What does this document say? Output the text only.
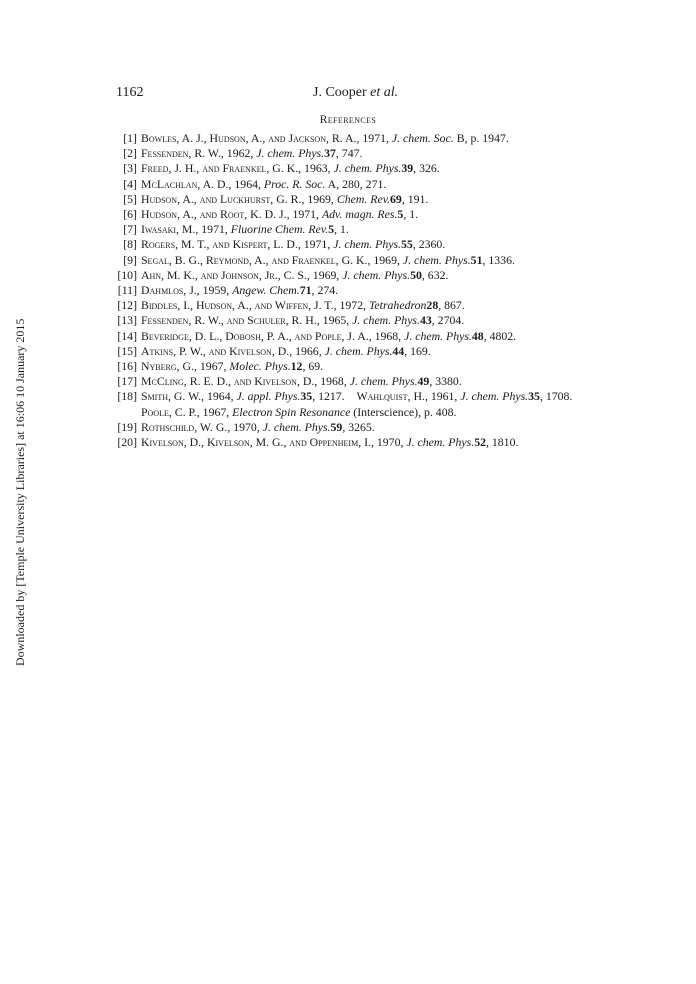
1162	J. Cooper et al.
References
[1] Bowles, A. J., Hudson, A., and Jackson, R. A., 1971, J. chem. Soc. B, p. 1947.
[2] Fessenden, R. W., 1962, J. chem. Phys.37, 747.
[3] Freed, J. H., and Fraenkel, G. K., 1963, J. chem. Phys.39, 326.
[4] McLachlan, A. D., 1964, Proc. R. Soc. A, 280, 271.
[5] Hudson, A., and Luckhurst, G. R., 1969, Chem. Rev.69, 191.
[6] Hudson, A., and Root, K. D. J., 1971, Adv. magn. Res.5, 1.
[7] Iwasaki, M., 1971, Fluorine Chem. Rev.5, 1.
[8] Rogers, M. T., and Kispert, L. D., 1971, J. chem. Phys.55, 2360.
[9] Segal, B. G., Reymond, A., and Fraenkel, G. K., 1969, J. chem. Phys.51, 1336.
[10] Ahn, M. K., and Johnson, Jr., C. S., 1969, J. chem. Phys.50, 632.
[11] Dahmlos, J., 1959, Angew. Chem.71, 274.
[12] Biddles, I., Hudson, A., and Wiffen, J. T., 1972, Tetrahedron28, 867.
[13] Fessenden, R. W., and Schuler, R. H., 1965, J. chem. Phys.43, 2704.
[14] Beveridge, D. L., Dobosh, P. A., and Pople, J. A., 1968, J. chem. Phys.48, 4802.
[15] Atkins, P. W., and Kivelson, D., 1966, J. chem. Phys.44, 169.
[16] Nyberg, G., 1967, Molec. Phys.12, 69.
[17] McCling, R. E. D., and Kivelson, D., 1968, J. chem. Phys.49, 3380.
[18] Smith, G. W., 1964, J. appl. Phys.35, 1217.  Wahlquist, H., 1961, J. chem. Phys.35, 1708. Poole, C. P., 1967, Electron Spin Resonance (Interscience), p. 408.
[19] Rothschild, W. G., 1970, J. chem. Phys.59, 3265.
[20] Kivelson, D., Kivelson, M. G., and Oppenheim, I., 1970, J. chem. Phys.52, 1810.
Downloaded by [Temple University Libraries] at 16:06 10 January 2015
